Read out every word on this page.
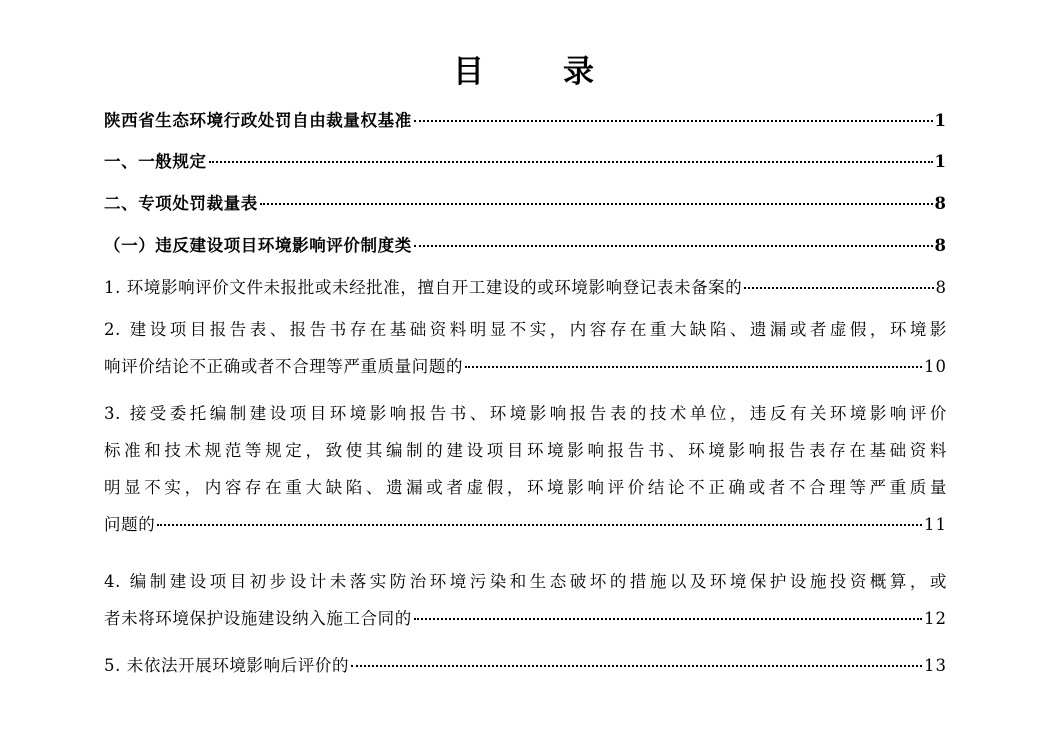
目　录
陕西省生态环境行政处罚自由裁量权基准	1
一、一般规定	1
二、专项处罚裁量表	8
（一）违反建设项目环境影响评价制度类	8
1. 环境影响评价文件未报批或未经批准，擅自开工建设的或环境影响登记表未备案的	8
2. 建设项目报告表、报告书存在基础资料明显不实，内容存在重大缺陷、遗漏或者虚假，环境影
响评价结论不正确或者不合理等严重质量问题的	10
3. 接受委托编制建设项目环境影响报告书、环境影响报告表的技术单位，违反有关环境影响评价
标准和技术规范等规定，致使其编制的建设项目环境影响报告书、环境影响报告表存在基础资料
明显不实，内容存在重大缺陷、遗漏或者虚假，环境影响评价结论不正确或者不合理等严重质量
问题的	11
4. 编制建设项目初步设计未落实防治环境污染和生态破坏的措施以及环境保护设施投资概算，或
者未将环境保护设施建设纳入施工合同的	12
5. 未依法开展环境影响后评价的	13
